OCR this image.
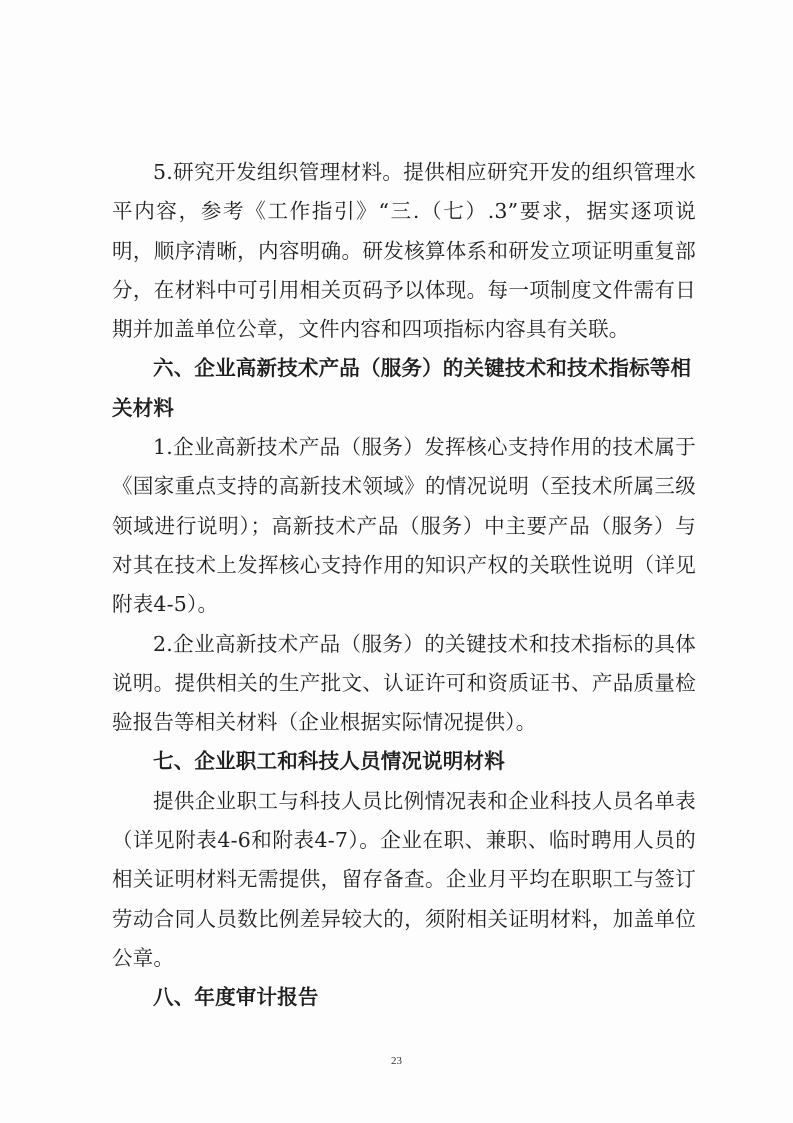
5.研究开发组织管理材料。提供相应研究开发的组织管理水平内容，参考《工作指引》“三.（七）.3”要求，据实逐项说明，顺序清晰，内容明确。研发核算体系和研发立项证明重复部分，在材料中可引用相关页码予以体现。每一项制度文件需有日期并加盖单位公章，文件内容和四项指标内容具有关联。

六、企业高新技术产品（服务）的关键技术和技术指标等相关材料

1.企业高新技术产品（服务）发挥核心支持作用的技术属于《国家重点支持的高新技术领域》的情况说明（至技术所属三级领域进行说明）；高新技术产品（服务）中主要产品（服务）与对其在技术上发挥核心支持作用的知识产权的关联性说明（详见附表4-5）。

2.企业高新技术产品（服务）的关键技术和技术指标的具体说明。提供相关的生产批文、认证许可和资质证书、产品质量检验报告等相关材料（企业根据实际情况提供）。

七、企业职工和科技人员情况说明材料

提供企业职工与科技人员比例情况表和企业科技人员名单表（详见附表4-6和附表4-7）。企业在职、兼职、临时聘用人员的相关证明材料无需提供，留存备查。企业月平均在职职工与签订劳动合同人员数比例差异较大的，须附相关证明材料，加盖单位公章。

八、年度审计报告

23
